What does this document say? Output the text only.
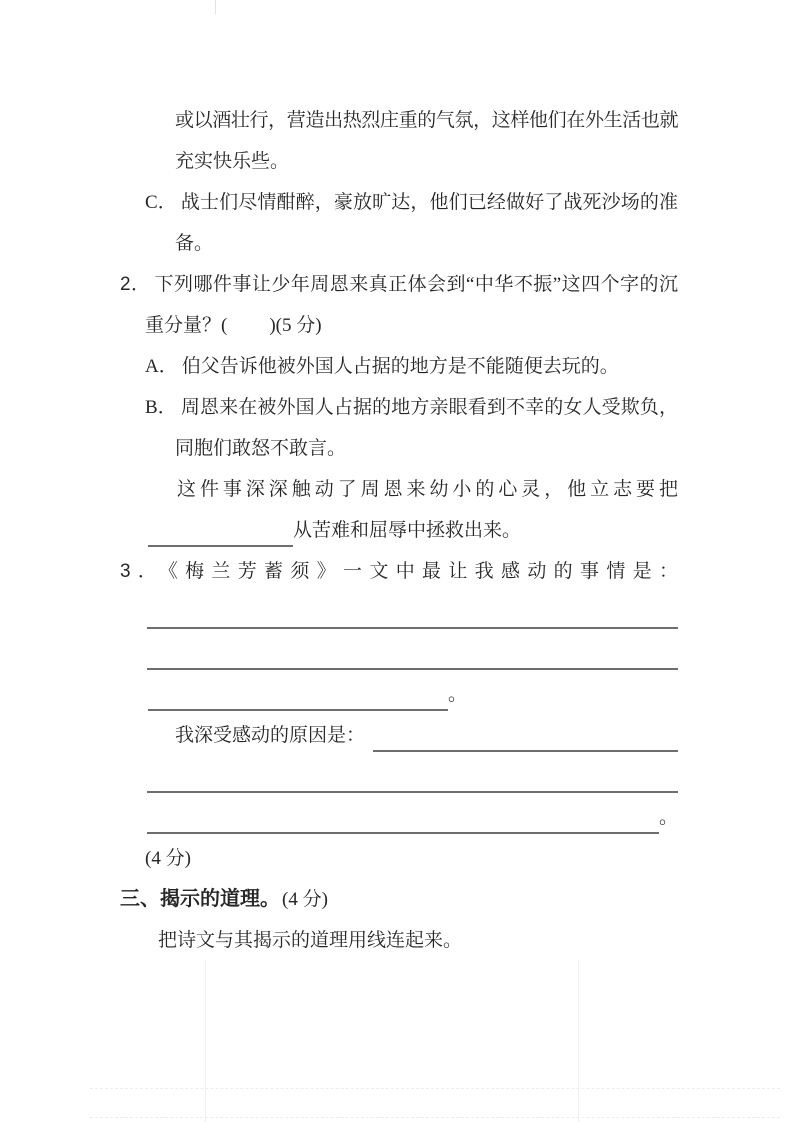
或以酒壮行，营造出热烈庄重的气氛，这样他们在外生活也就
充实快乐些。
C． 战士们尽情酣醉，豪放旷达，他们已经做好了战死沙场的准
备。
2． 下列哪件事让少年周恩来真正体会到“中华不振”这四个字的沉
重分量？( )(5 分)
A． 伯父告诉他被外国人占据的地方是不能随便去玩的。
B． 周恩来在被外国人占据的地方亲眼看到不幸的女人受欺负，
同胞们敢怒不敢言。
这件事深深触动了周恩来幼小的心灵，他立志要把
从苦难和屈辱中拯救出来。
3． 《梅兰芳蓄须》一文中最让我感动的事情是：
。
我深受感动的原因是：
。
(4 分)
三、揭示的道理。 (4 分)
把诗文与其揭示的道理用线连起来。
